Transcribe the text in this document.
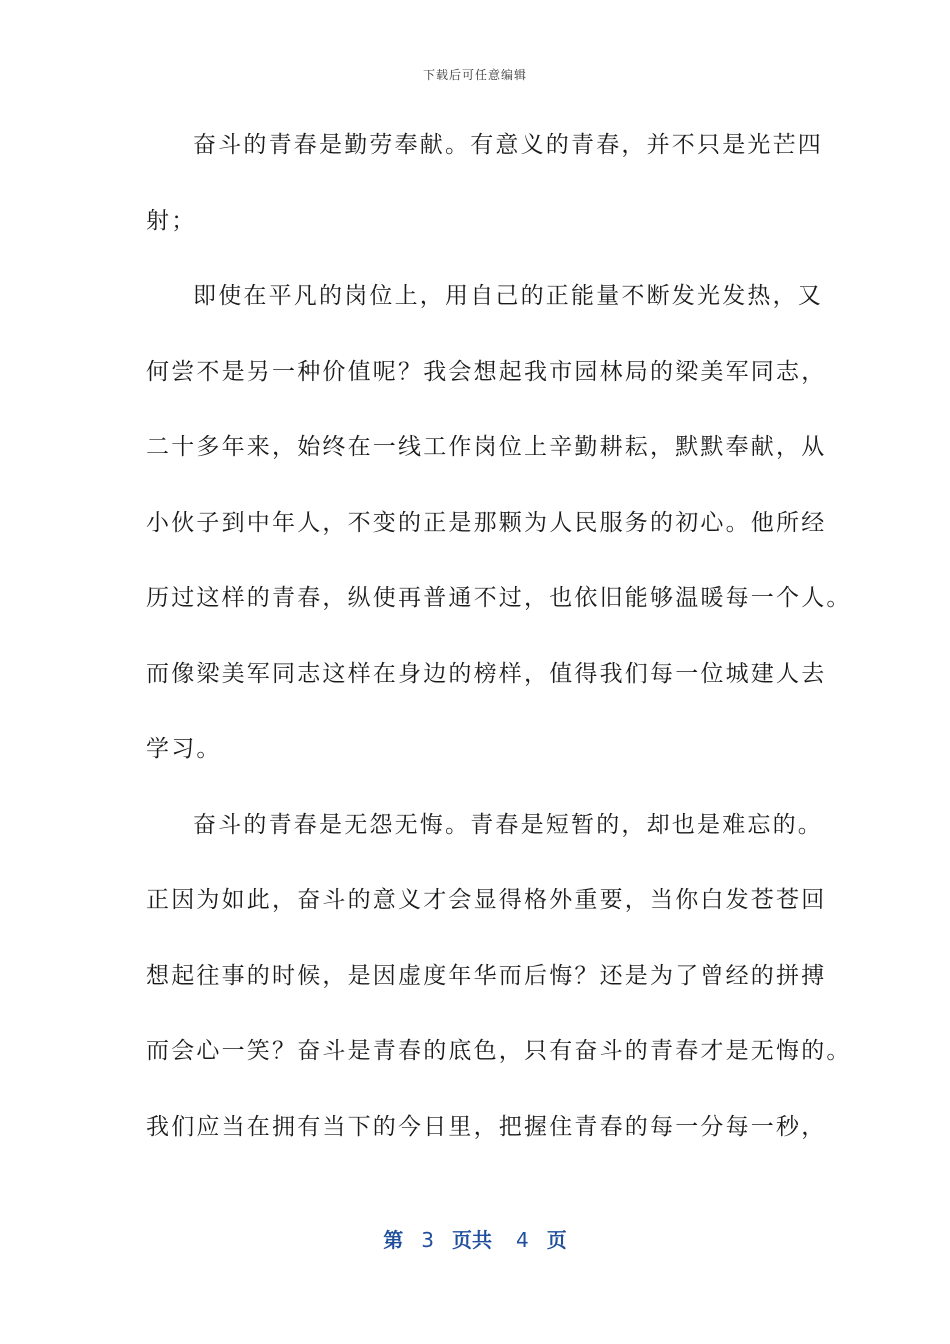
下载后可任意编辑
奋斗的青春是勤劳奉献。有意义的青春，并不只是光芒四
射；
即使在平凡的岗位上，用自己的正能量不断发光发热，又
何尝不是另一种价值呢？我会想起我市园林局的梁美军同志，
二十多年来，始终在一线工作岗位上辛勤耕耘，默默奉献，从
小伙子到中年人，不变的正是那颗为人民服务的初心。他所经
历过这样的青春，纵使再普通不过，也依旧能够温暖每一个人。
而像梁美军同志这样在身边的榜样，值得我们每一位城建人去
学习。
奋斗的青春是无怨无悔。青春是短暂的，却也是难忘的。
正因为如此，奋斗的意义才会显得格外重要，当你白发苍苍回
想起往事的时候，是因虚度年华而后悔？还是为了曾经的拼搏
而会心一笑？奋斗是青春的底色，只有奋斗的青春才是无悔的。
我们应当在拥有当下的今日里，把握住青春的每一分每一秒，
第 3 页共 4 页
